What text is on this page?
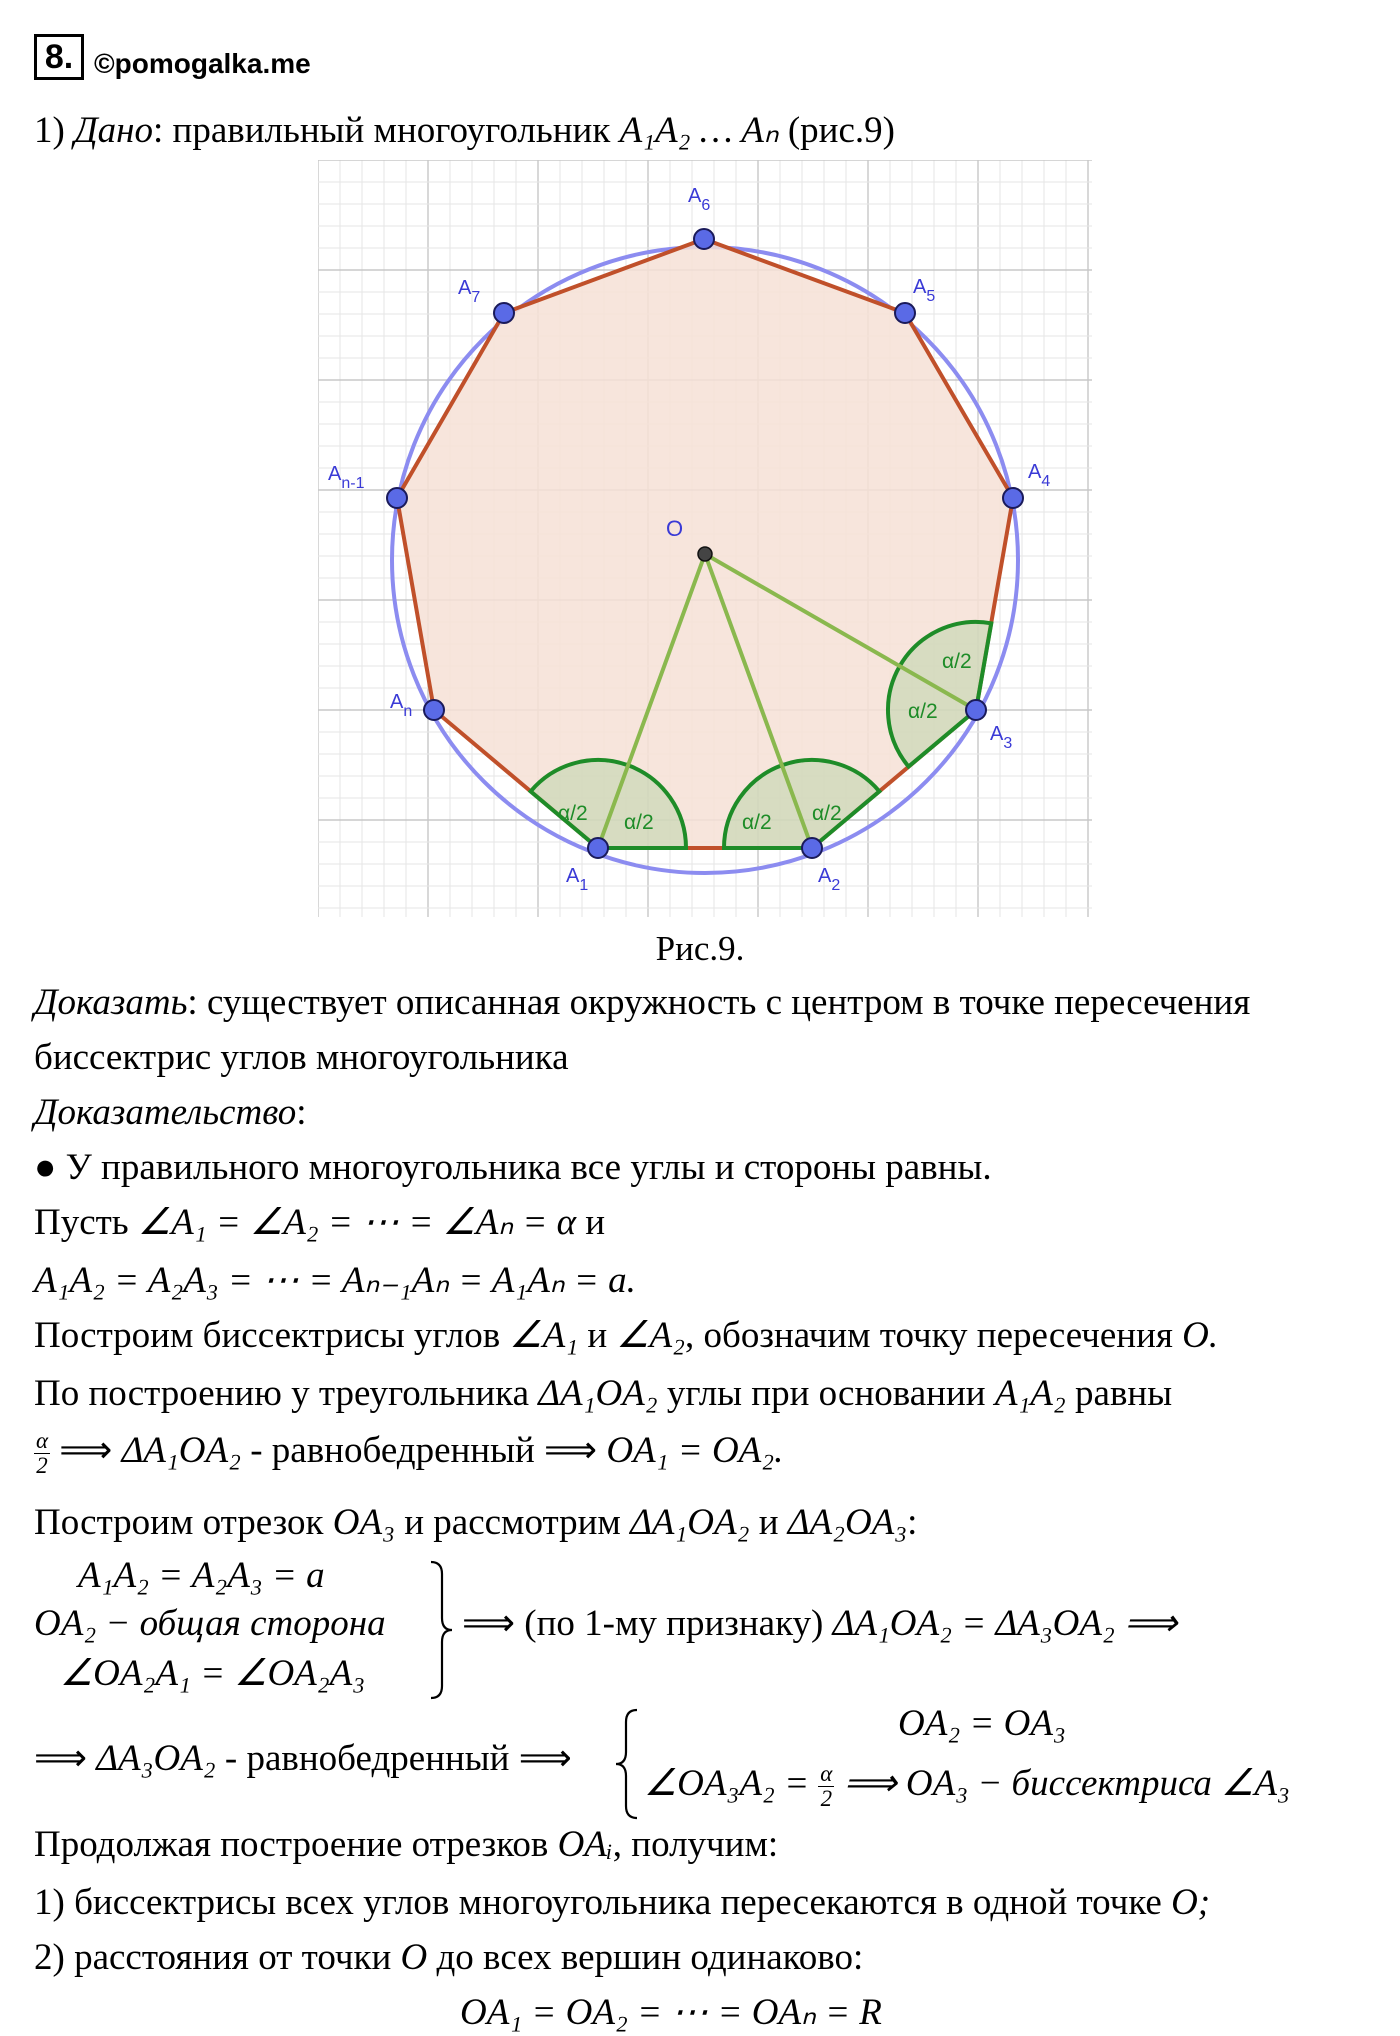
8. ©pomogalka.me
1) Дано: правильный многоугольник A₁A₂ … Aₙ (рис.9)
$A_6$
$A_5$
$A_4$
$A_3$
$A_2$
$A_1$
$A_n$
$A_{n-1}$
$A_7$
O
α/2 α/2	α/2 α/2
α/2
α/2
Рис.9.
Доказать: существует описанная окружность с центром в точке пересечения
биссектрис углов многоугольника
Доказательство:
● У правильного многоугольника все углы и стороны равны.
Пусть ∠A₁ = ∠A₂ = ⋯ = ∠Aₙ = α и
A₁A₂ = A₂A₃ = ⋯ = Aₙ₋₁Aₙ = A₁Aₙ = a.
Построим биссектрисы углов ∠A₁ и ∠A₂, обозначим точку пересечения O.
По построению у треугольника ΔA₁OA₂ углы при основании A₁A₂ равны
$\frac{\alpha}{2}$ ⟹ ΔA₁OA₂ - равнобедренный ⟹ OA₁ = OA₂.
Построим отрезок OA₃ и рассмотрим ΔA₁OA₂ и ΔA₂OA₃:
A₁A₂ = A₂A₃ = a
OA₂ − общая сторона
∠OA₂A₁ = ∠OA₂A₃
⟹ (по 1-му признаку) ΔA₁OA₂ = ΔA₃OA₂ ⟹
⟹ ΔA₃OA₂ - равнобедренный ⟹
OA₂ = OA₃
∠OA₃A₂ = $\frac{\alpha}{2}$ ⟹ OA₃ − биссектриса ∠A₃
Продолжая построение отрезков OAᵢ, получим:
1) биссектрисы всех углов многоугольника пересекаются в одной точке O;
2) расстояния от точки O до всех вершин одинаково:
OA₁ = OA₂ = ⋯ = OAₙ = R
